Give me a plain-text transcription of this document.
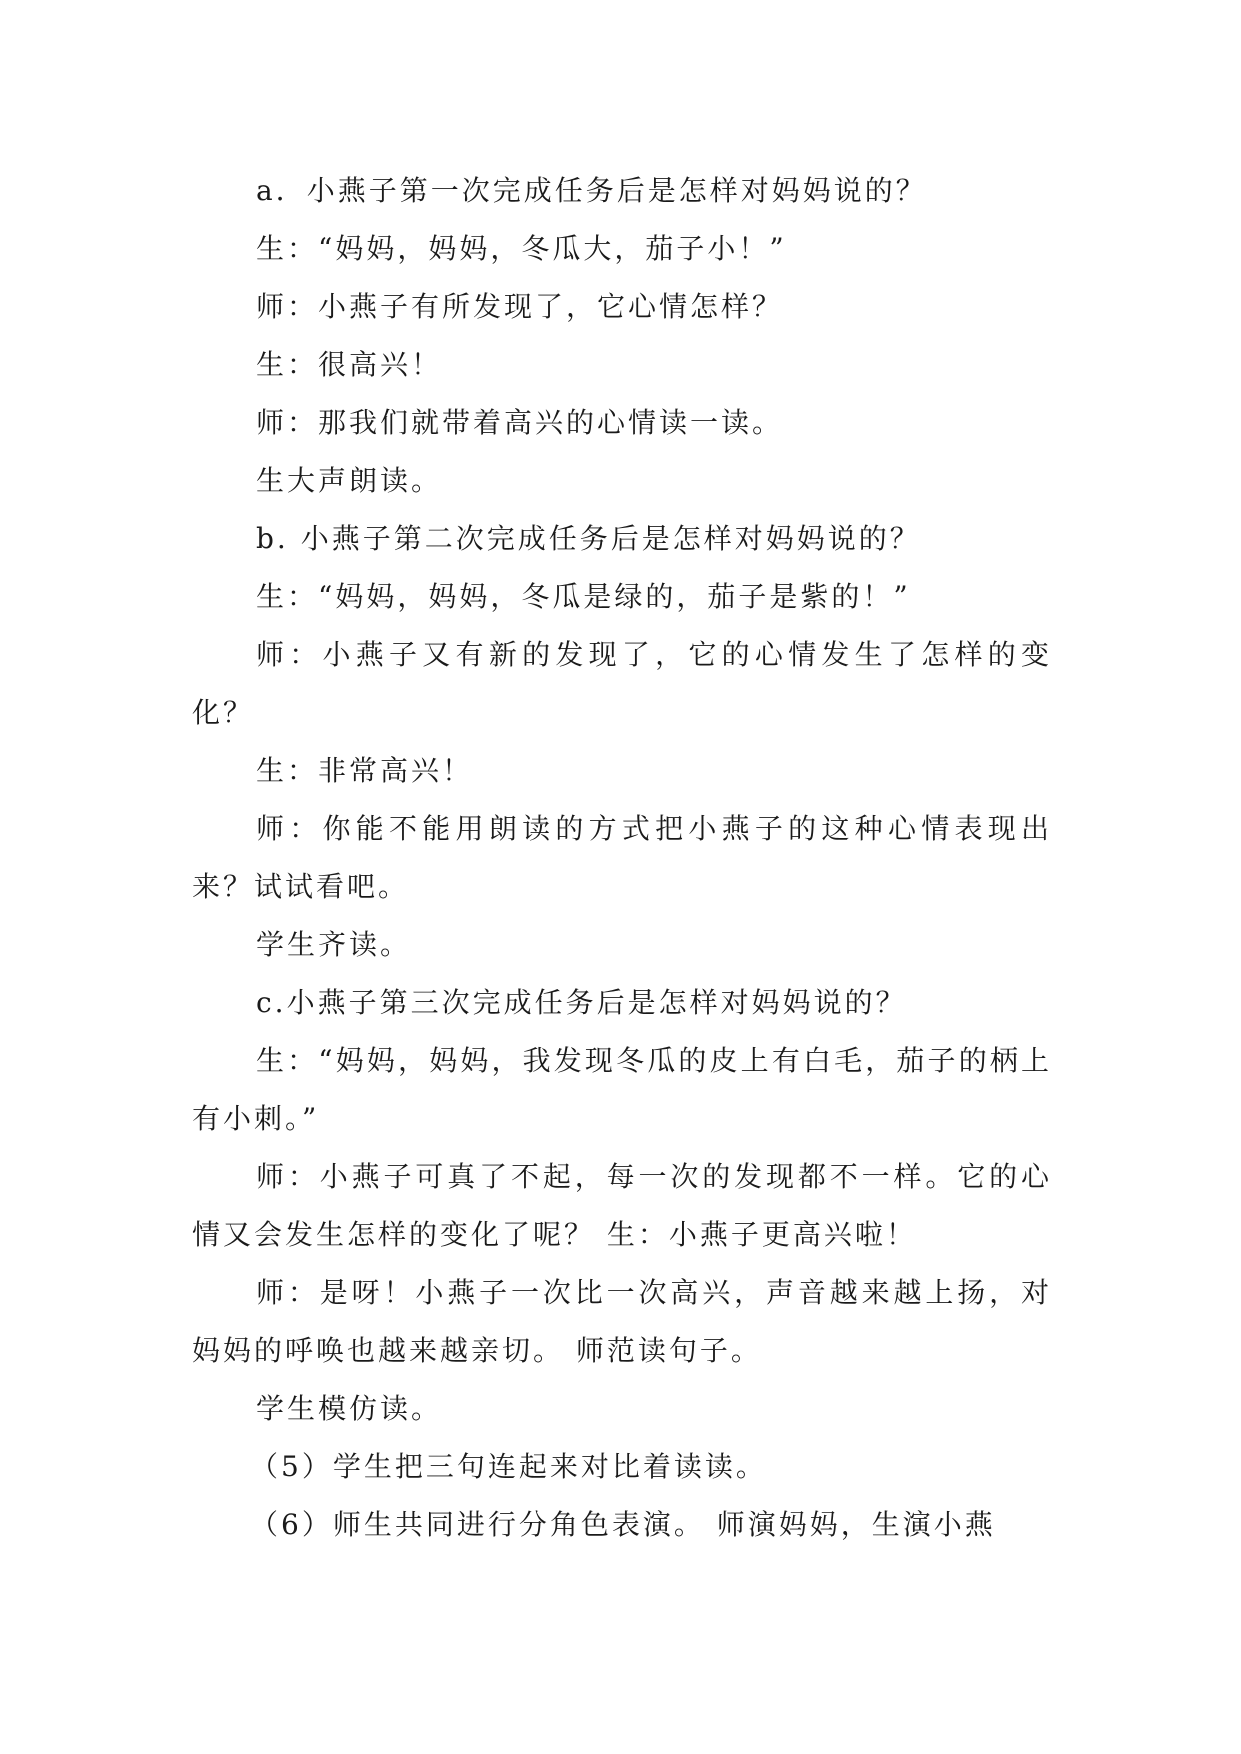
a．小燕子第一次完成任务后是怎样对妈妈说的？

生：“妈妈，妈妈，冬瓜大，茄子小！”

师：小燕子有所发现了，它心情怎样？

生：很高兴！

师：那我们就带着高兴的心情读一读。

生大声朗读。

b. 小燕子第二次完成任务后是怎样对妈妈说的？

生：“妈妈，妈妈，冬瓜是绿的，茄子是紫的！”

师：小燕子又有新的发现了，它的心情发生了怎样的变化？

生：非常高兴！

师：你能不能用朗读的方式把小燕子的这种心情表现出来？试试看吧。

学生齐读。

c.小燕子第三次完成任务后是怎样对妈妈说的？

生：“妈妈，妈妈，我发现冬瓜的皮上有白毛，茄子的柄上有小刺。”

师：小燕子可真了不起，每一次的发现都不一样。它的心情又会发生怎样的变化了呢？ 生：小燕子更高兴啦！

师：是呀！小燕子一次比一次高兴，声音越来越上扬，对妈妈的呼唤也越来越亲切。 师范读句子。

学生模仿读。

（5）学生把三句连起来对比着读读。

（6）师生共同进行分角色表演。 师演妈妈，生演小燕
